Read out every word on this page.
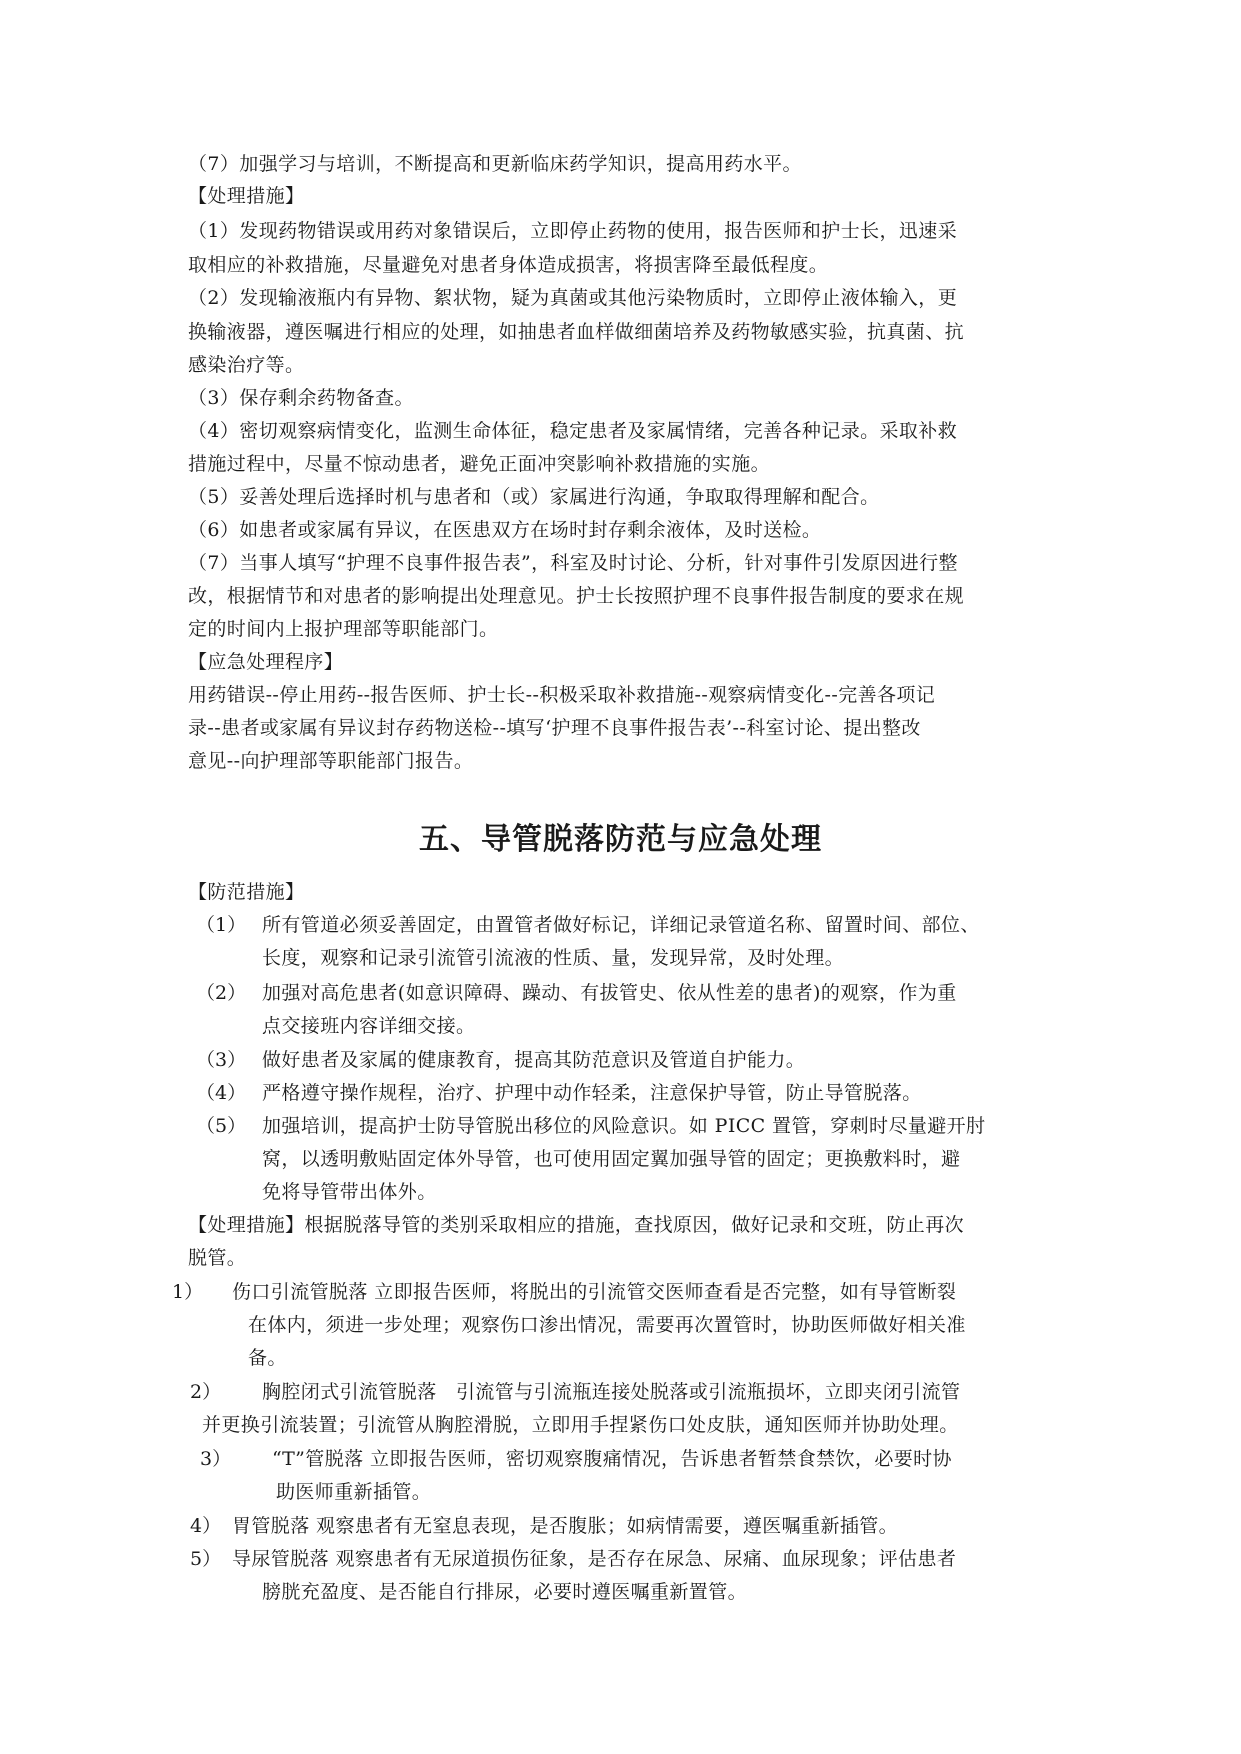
（7）加强学习与培训，不断提高和更新临床药学知识，提高用药水平。
【处理措施】
（1）发现药物错误或用药对象错误后，立即停止药物的使用，报告医师和护士长，迅速采
取相应的补救措施，尽量避免对患者身体造成损害，将损害降至最低程度。
（2）发现输液瓶内有异物、絮状物，疑为真菌或其他污染物质时，立即停止液体输入，更
换输液器，遵医嘱进行相应的处理，如抽患者血样做细菌培养及药物敏感实验，抗真菌、抗
感染治疗等。
（3）保存剩余药物备查。
（4）密切观察病情变化，监测生命体征，稳定患者及家属情绪，完善各种记录。采取补救
措施过程中，尽量不惊动患者，避免正面冲突影响补救措施的实施。
（5）妥善处理后选择时机与患者和（或）家属进行沟通，争取取得理解和配合。
（6）如患者或家属有异议，在医患双方在场时封存剩余液体，及时送检。
（7）当事人填写“护理不良事件报告表”，科室及时讨论、分析，针对事件引发原因进行整
改，根据情节和对患者的影响提出处理意见。护士长按照护理不良事件报告制度的要求在规
定的时间内上报护理部等职能部门。
【应急处理程序】
用药错误--停止用药--报告医师、护士长--积极采取补救措施--观察病情变化--完善各项记
录--患者或家属有异议封存药物送检--填写‘护理不良事件报告表’--科室讨论、提出整改
意见--向护理部等职能部门报告。
五、导管脱落防范与应急处理
【防范措施】
（1） 所有管道必须妥善固定，由置管者做好标记，详细记录管道名称、留置时间、部位、
长度，观察和记录引流管引流液的性质、量，发现异常，及时处理。
（2） 加强对高危患者(如意识障碍、躁动、有拔管史、依从性差的患者)的观察，作为重
点交接班内容详细交接。
（3） 做好患者及家属的健康教育，提高其防范意识及管道自护能力。
（4） 严格遵守操作规程，治疗、护理中动作轻柔，注意保护导管，防止导管脱落。
（5） 加强培训，提高护士防导管脱出移位的风险意识。如 PICC 置管，穿刺时尽量避开肘
窝，以透明敷贴固定体外导管，也可使用固定翼加强导管的固定；更换敷料时，避
免将导管带出体外。
【处理措施】根据脱落导管的类别采取相应的措施，查找原因，做好记录和交班，防止再次
脱管。
1） 伤口引流管脱落 立即报告医师，将脱出的引流管交医师查看是否完整，如有导管断裂
在体内，须进一步处理；观察伤口渗出情况，需要再次置管时，协助医师做好相关准
备。
2） 胸腔闭式引流管脱落　引流管与引流瓶连接处脱落或引流瓶损坏，立即夹闭引流管
并更换引流装置；引流管从胸腔滑脱，立即用手捏紧伤口处皮肤，通知医师并协助处理。
3） “T”管脱落 立即报告医师，密切观察腹痛情况，告诉患者暂禁食禁饮，必要时协
助医师重新插管。
4） 胃管脱落 观察患者有无窒息表现，是否腹胀；如病情需要，遵医嘱重新插管。
5） 导尿管脱落 观察患者有无尿道损伤征象，是否存在尿急、尿痛、血尿现象；评估患者
膀胱充盈度、是否能自行排尿，必要时遵医嘱重新置管。
